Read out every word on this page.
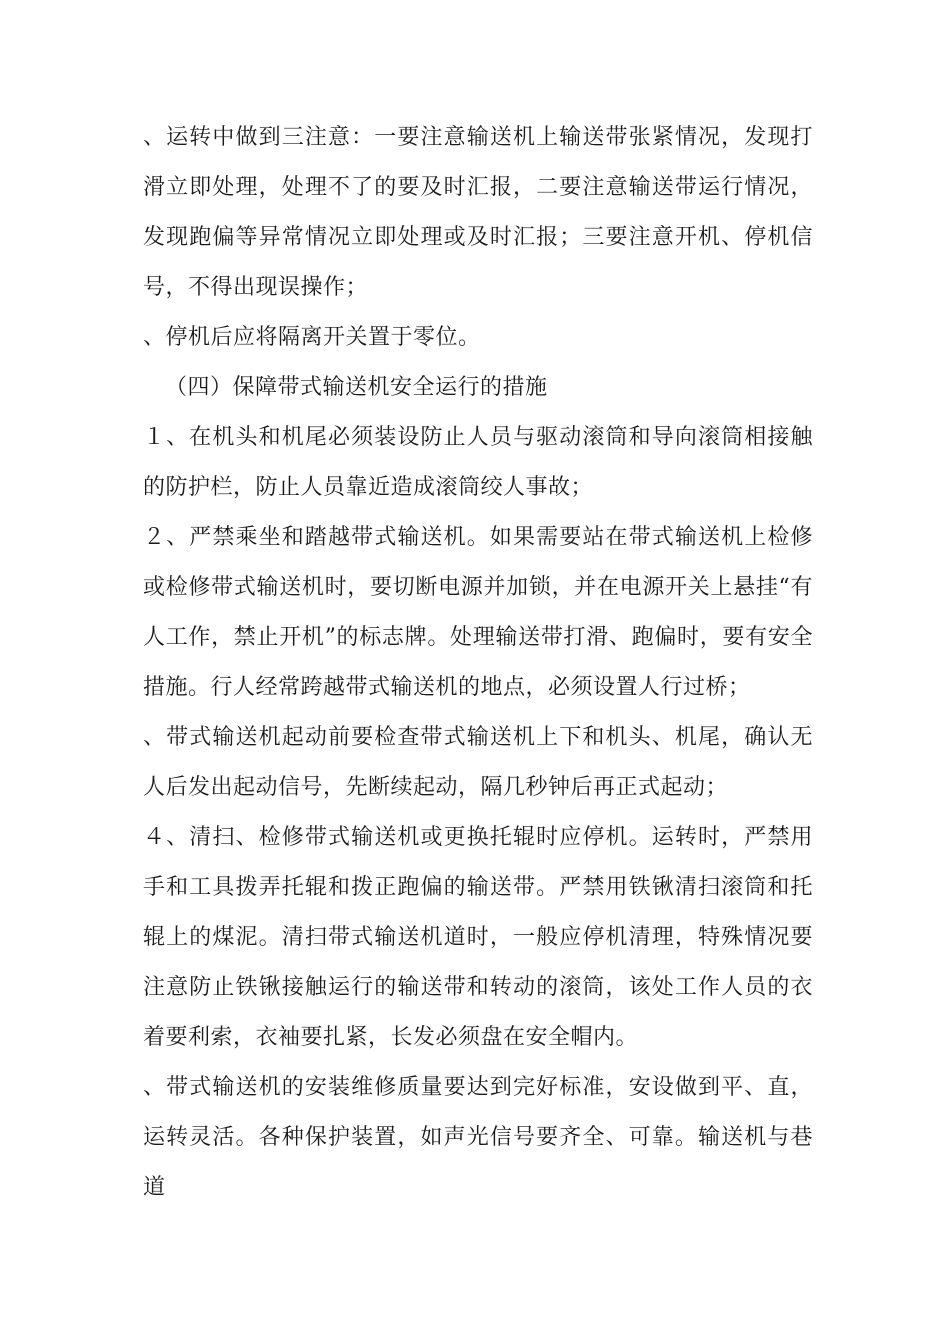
、运转中做到三注意：一要注意输送机上输送带张紧情况，发现打滑立即处理，处理不了的要及时汇报，二要注意输送带运行情况，发现跑偏等异常情况立即处理或及时汇报；三要注意开机、停机信号，不得出现误操作；

、停机后应将隔离开关置于零位。

（四）保障带式输送机安全运行的措施

１、在机头和机尾必须装设防止人员与驱动滚筒和导向滚筒相接触的防护栏，防止人员靠近造成滚筒绞人事故；

２、严禁乘坐和踏越带式输送机。如果需要站在带式输送机上检修或检修带式输送机时，要切断电源并加锁，并在电源开关上悬挂“有人工作，禁止开机”的标志牌。处理输送带打滑、跑偏时，要有安全措施。行人经常跨越带式输送机的地点，必须设置人行过桥；

、带式输送机起动前要检查带式输送机上下和机头、机尾，确认无人后发出起动信号，先断续起动，隔几秒钟后再正式起动；

４、清扫、检修带式输送机或更换托辊时应停机。运转时，严禁用手和工具拨弄托辊和拨正跑偏的输送带。严禁用铁锹清扫滚筒和托辊上的煤泥。清扫带式输送机道时，一般应停机清理，特殊情况要注意防止铁锹接触运行的输送带和转动的滚筒，该处工作人员的衣着要利索，衣袖要扎紧，长发必须盘在安全帽内。

、带式输送机的安装维修质量要达到完好标准，安设做到平、直，运转灵活。各种保护装置，如声光信号要齐全、可靠。输送机与巷道
